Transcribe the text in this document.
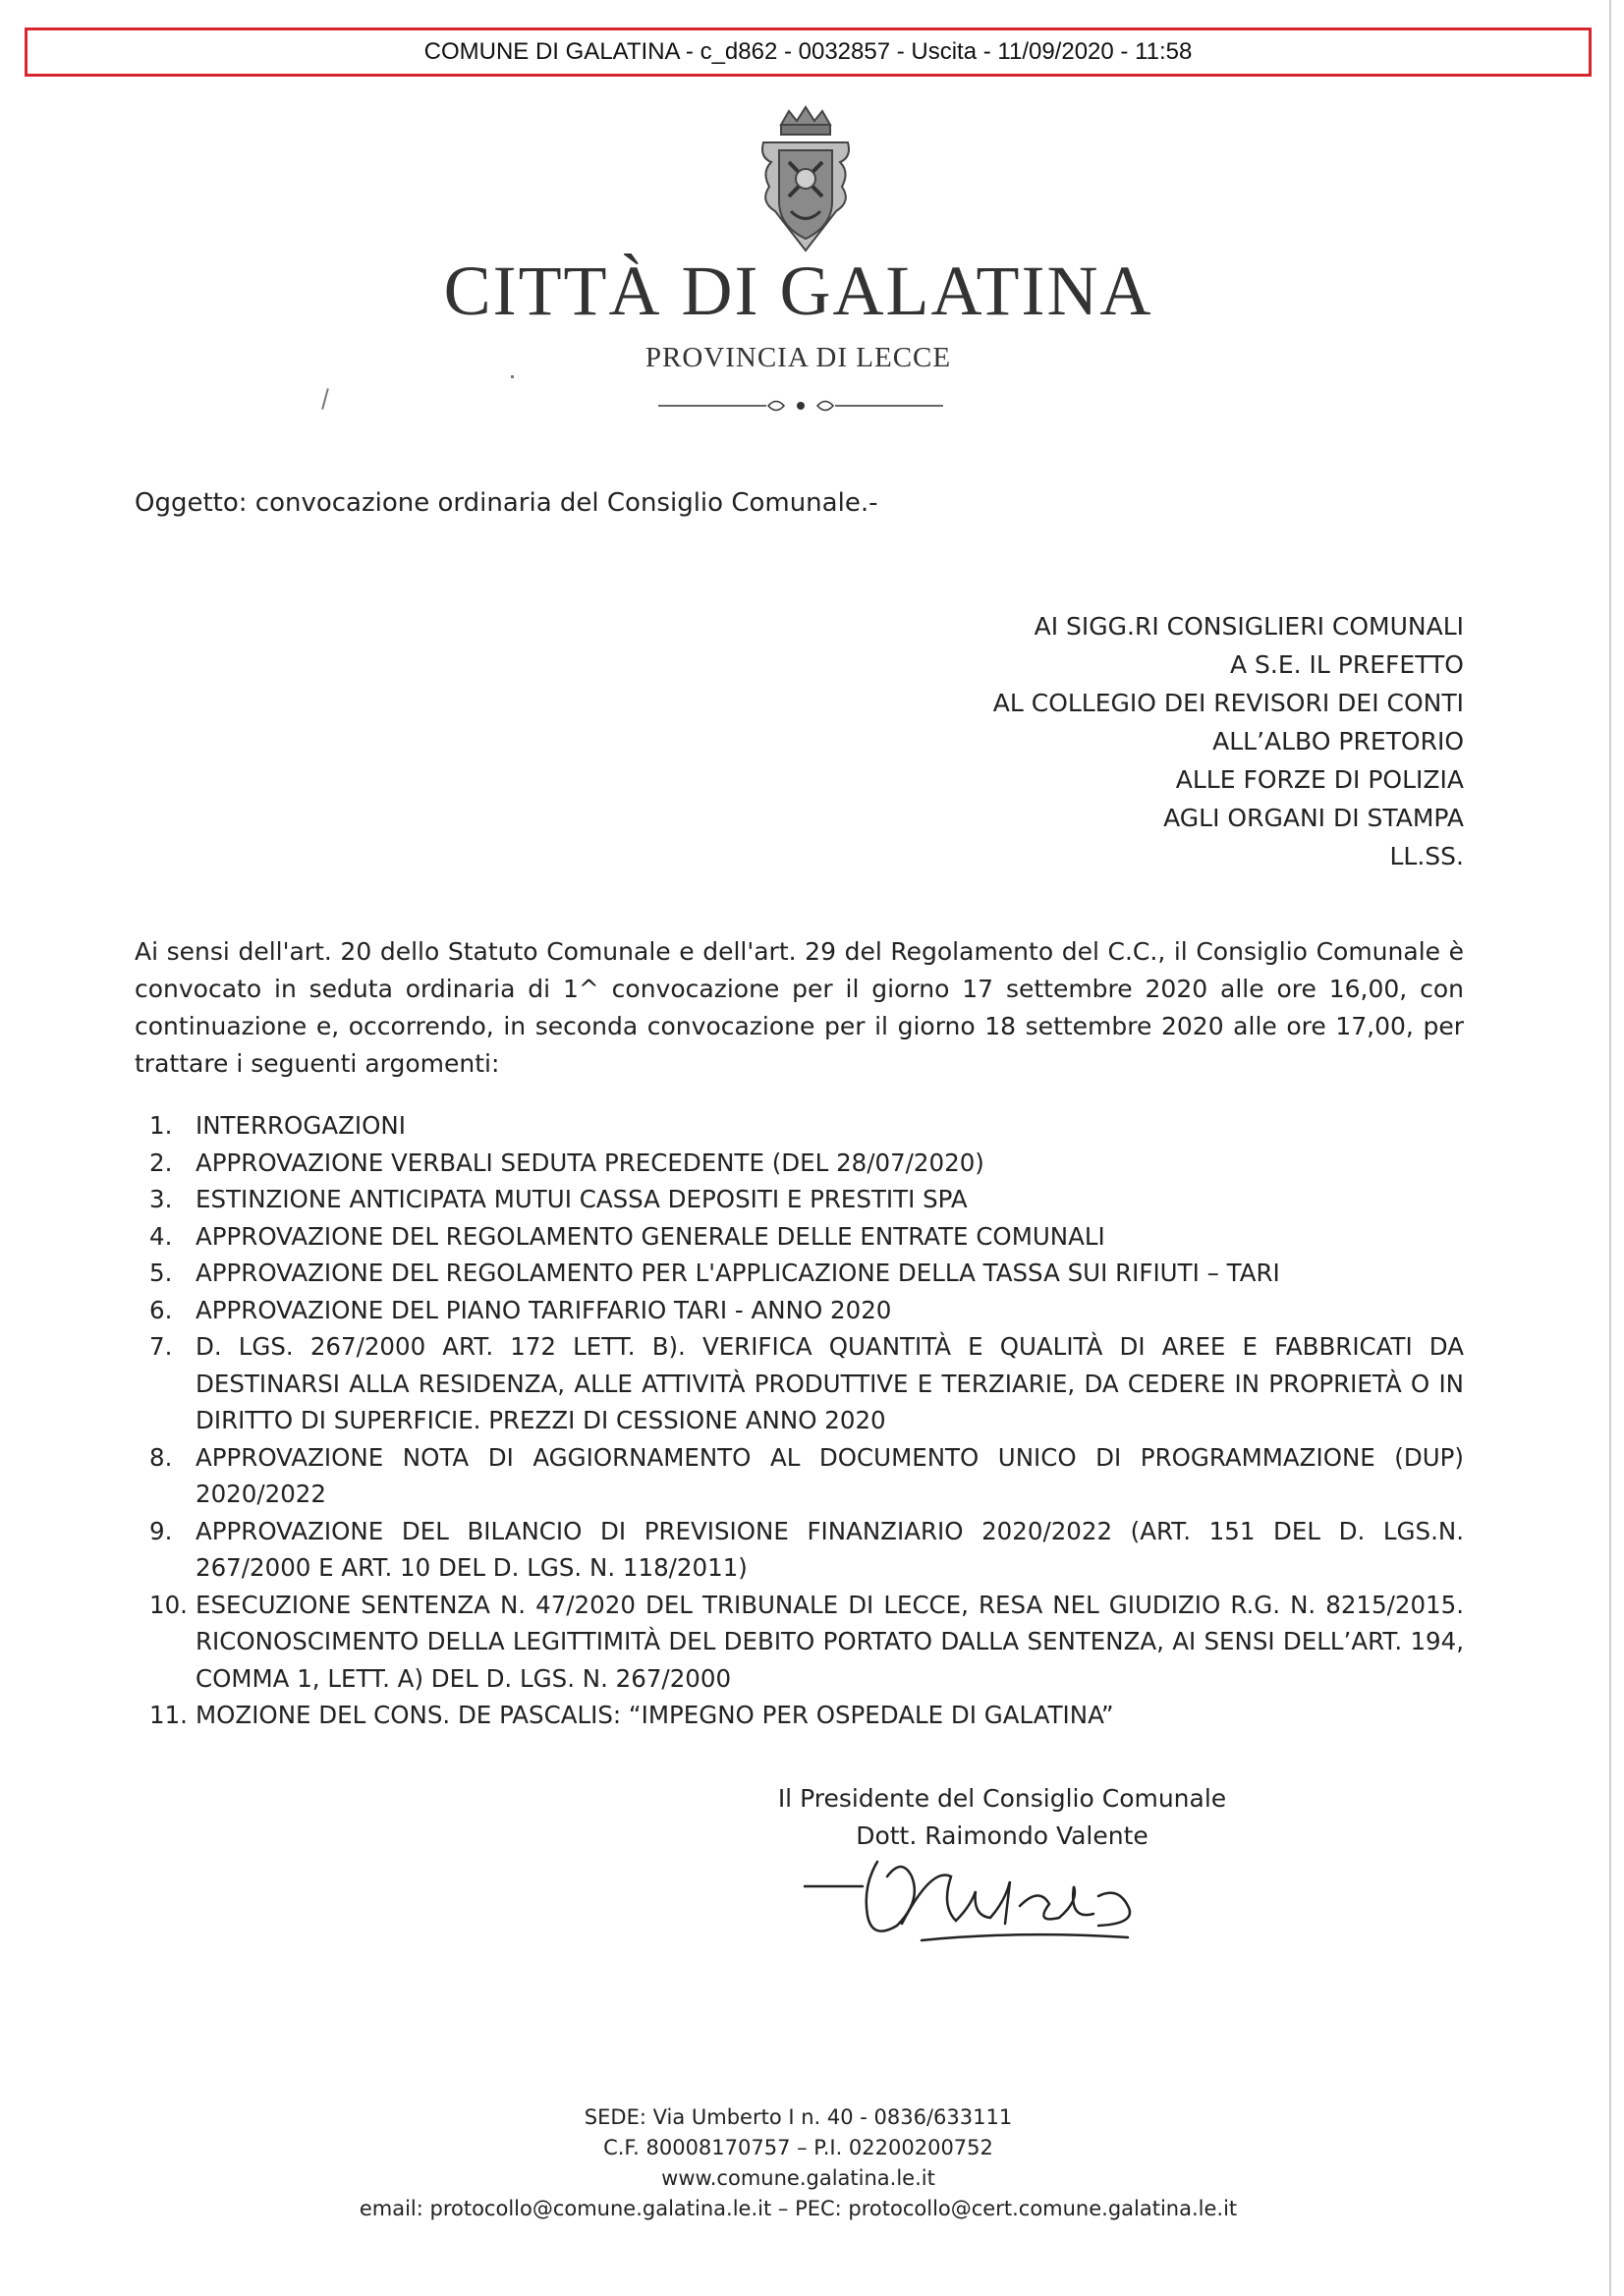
COMUNE DI GALATINA - c_d862 - 0032857 - Uscita - 11/09/2020 - 11:58
CITTÀ DI GALATINA
PROVINCIA DI LECCE
Oggetto: convocazione ordinaria del Consiglio Comunale.-
AI SIGG.RI CONSIGLIERI COMUNALI
A S.E. IL PREFETTO
AL COLLEGIO DEI REVISORI DEI CONTI
ALL’ALBO PRETORIO
ALLE FORZE DI POLIZIA
AGLI ORGANI DI STAMPA
LL.SS.
Ai sensi dell'art. 20 dello Statuto Comunale e dell'art. 29 del Regolamento del C.C., il Consiglio Comunale è convocato in seduta ordinaria di 1^ convocazione per il giorno 17 settembre 2020 alle ore 16,00, con continuazione e, occorrendo, in seconda convocazione per il giorno 18 settembre 2020 alle ore 17,00, per trattare i seguenti argomenti:
1. INTERROGAZIONI
2. APPROVAZIONE VERBALI SEDUTA PRECEDENTE (DEL 28/07/2020)
3. ESTINZIONE ANTICIPATA MUTUI CASSA DEPOSITI E PRESTITI SPA
4. APPROVAZIONE DEL REGOLAMENTO GENERALE DELLE ENTRATE COMUNALI
5. APPROVAZIONE DEL REGOLAMENTO PER L'APPLICAZIONE DELLA TASSA SUI RIFIUTI – TARI
6. APPROVAZIONE DEL PIANO TARIFFARIO TARI - ANNO 2020
7. D. LGS. 267/2000 ART. 172 LETT. B). VERIFICA QUANTITÀ E QUALITÀ DI AREE E FABBRICATI DA DESTINARSI ALLA RESIDENZA, ALLE ATTIVITÀ PRODUTTIVE E TERZIARIE, DA CEDERE IN PROPRIETÀ O IN DIRITTO DI SUPERFICIE. PREZZI DI CESSIONE ANNO 2020
8. APPROVAZIONE NOTA DI AGGIORNAMENTO AL DOCUMENTO UNICO DI PROGRAMMAZIONE (DUP) 2020/2022
9. APPROVAZIONE DEL BILANCIO DI PREVISIONE FINANZIARIO 2020/2022 (ART. 151 DEL D. LGS.N. 267/2000 E ART. 10 DEL D. LGS. N. 118/2011)
10. ESECUZIONE SENTENZA N. 47/2020 DEL TRIBUNALE DI LECCE, RESA NEL GIUDIZIO R.G. N. 8215/2015. RICONOSCIMENTO DELLA LEGITTIMITÀ DEL DEBITO PORTATO DALLA SENTENZA, AI SENSI DELL’ART. 194, COMMA 1, LETT. A) DEL D. LGS. N. 267/2000
11. MOZIONE DEL CONS. DE PASCALIS: “IMPEGNO PER OSPEDALE DI GALATINA”
Il Presidente del Consiglio Comunale
Dott. Raimondo Valente
SEDE: Via Umberto I n. 40 - 0836/633111
C.F. 80008170757 – P.I. 02200200752
www.comune.galatina.le.it
email: protocollo@comune.galatina.le.it – PEC: protocollo@cert.comune.galatina.le.it
